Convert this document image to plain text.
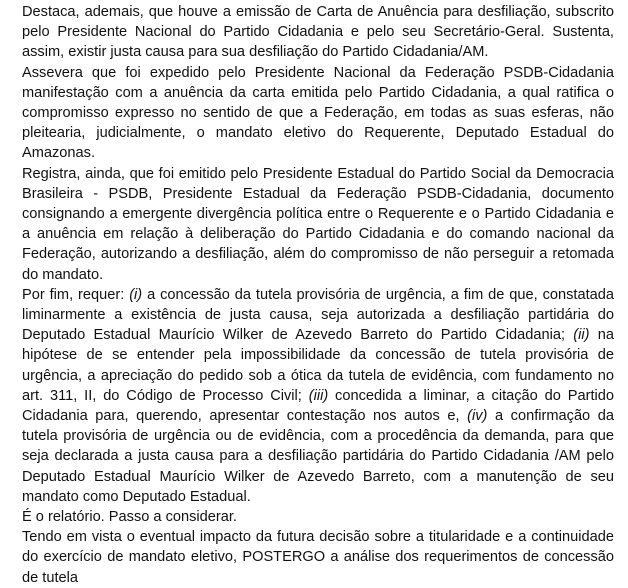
Destaca, ademais, que houve a emissão de Carta de Anuência para desfiliação, subscrito pelo Presidente Nacional do Partido Cidadania e pelo seu Secretário-Geral. Sustenta, assim, existir justa causa para sua desfiliação do Partido Cidadania/AM.

Assevera que foi expedido pelo Presidente Nacional da Federação PSDB-Cidadania manifestação com a anuência da carta emitida pelo Partido Cidadania, a qual ratifica o compromisso expresso no sentido de que a Federação, em todas as suas esferas, não pleitearia, judicialmente, o mandato eletivo do Requerente, Deputado Estadual do Amazonas.

Registra, ainda, que foi emitido pelo Presidente Estadual do Partido Social da Democracia Brasileira - PSDB, Presidente Estadual da Federação PSDB-Cidadania, documento consignando a emergente divergência política entre o Requerente e o Partido Cidadania e a anuência em relação à deliberação do Partido Cidadania e do comando nacional da Federação, autorizando a desfiliação, além do compromisso de não perseguir a retomada do mandato.

Por fim, requer: (i) a concessão da tutela provisória de urgência, a fim de que, constatada liminarmente a existência de justa causa, seja autorizada a desfiliação partidária do Deputado Estadual Maurício Wilker de Azevedo Barreto do Partido Cidadania; (ii) na hipótese de se entender pela impossibilidade da concessão de tutela provisória de urgência, a apreciação do pedido sob a ótica da tutela de evidência, com fundamento no art. 311, II, do Código de Processo Civil; (iii) concedida a liminar, a citação do Partido Cidadania para, querendo, apresentar contestação nos autos e, (iv) a confirmação da tutela provisória de urgência ou de evidência, com a procedência da demanda, para que seja declarada a justa causa para a desfiliação partidária do Partido Cidadania /AM pelo Deputado Estadual Maurício Wilker de Azevedo Barreto, com a manutenção de seu mandato como Deputado Estadual.

É o relatório. Passo a considerar.

Tendo em vista o eventual impacto da futura decisão sobre a titularidade e a continuidade do exercício de mandato eletivo, POSTERGO a análise dos requerimentos de concessão de tutela
